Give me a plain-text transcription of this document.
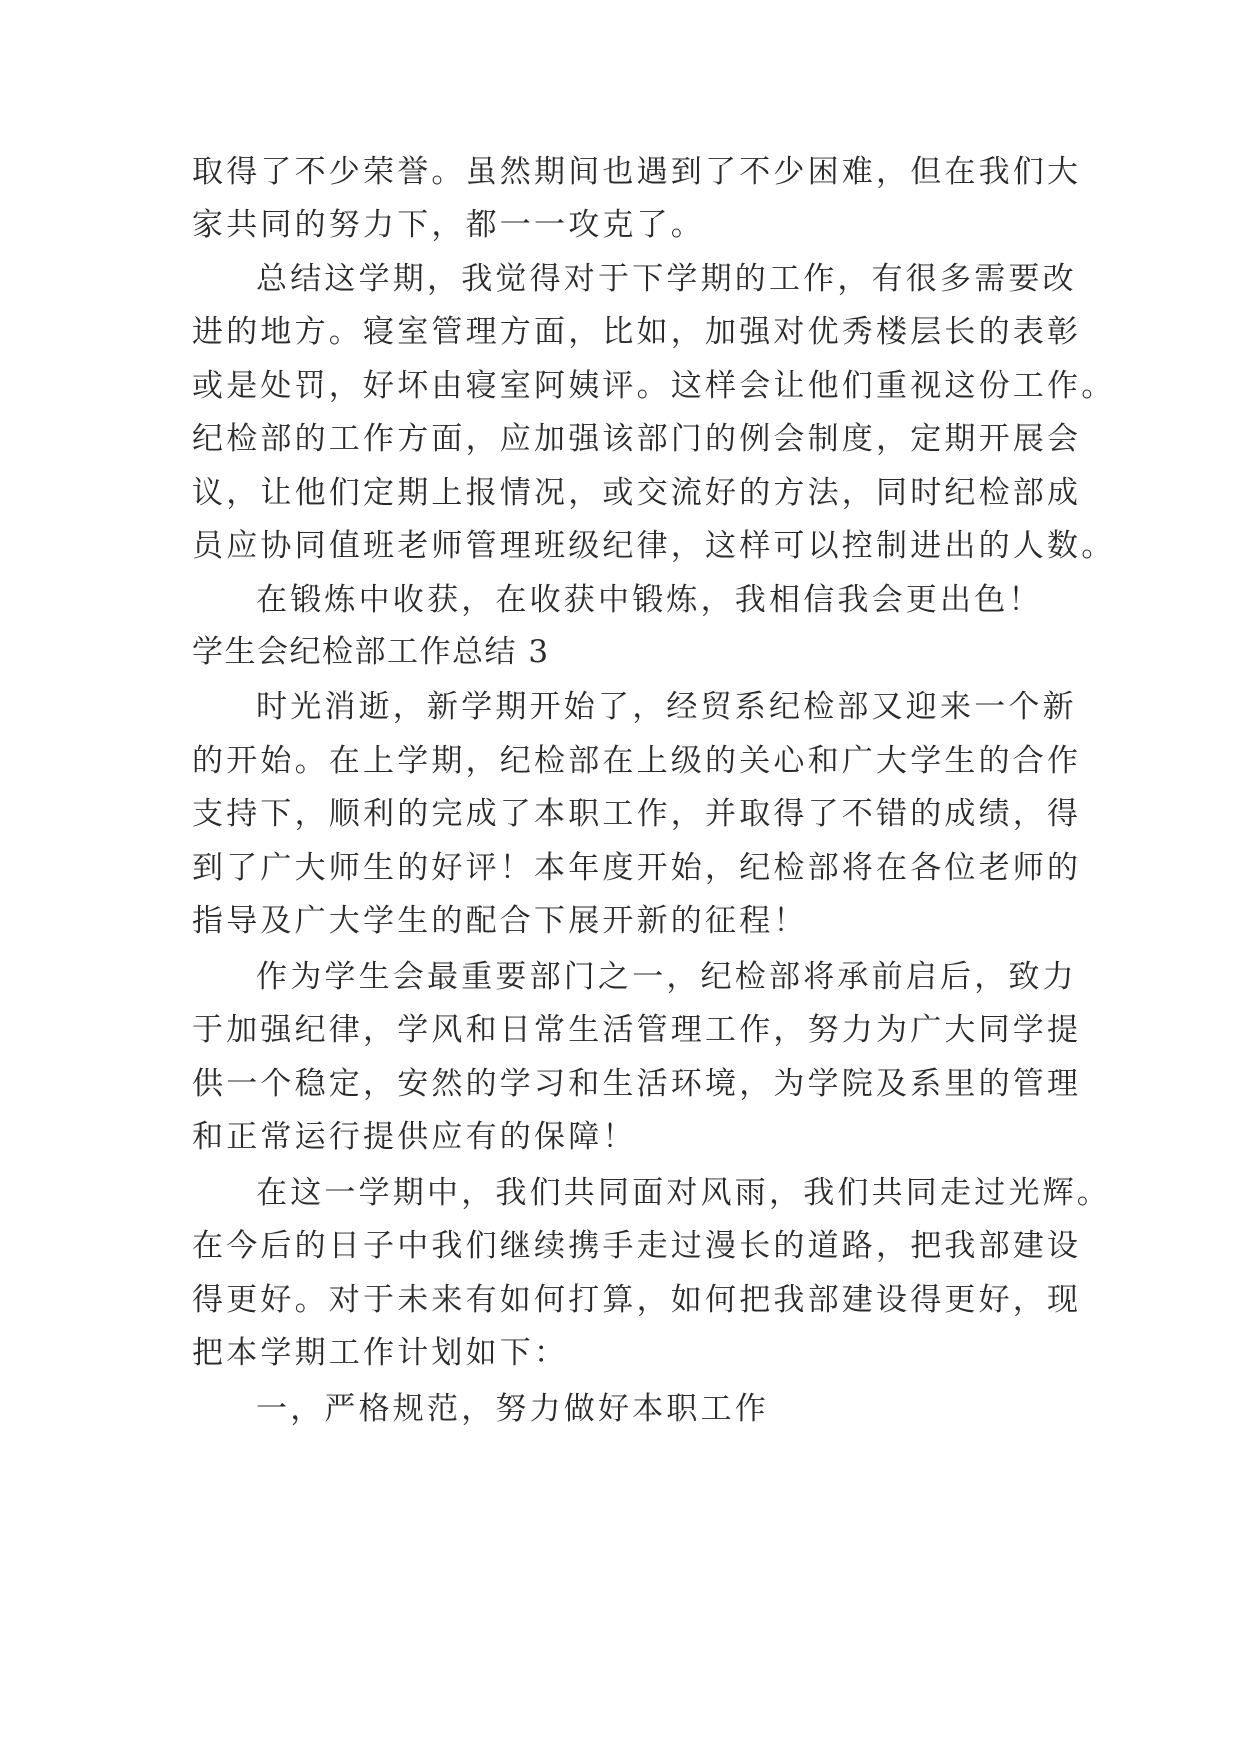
取得了不少荣誉。虽然期间也遇到了不少困难，但在我们大
家共同的努力下，都一一攻克了。
总结这学期，我觉得对于下学期的工作，有很多需要改
进的地方。寝室管理方面，比如，加强对优秀楼层长的表彰
或是处罚，好坏由寝室阿姨评。这样会让他们重视这份工作。
纪检部的工作方面，应加强该部门的例会制度，定期开展会
议，让他们定期上报情况，或交流好的方法，同时纪检部成
员应协同值班老师管理班级纪律，这样可以控制进出的人数。
在锻炼中收获，在收获中锻炼，我相信我会更出色！
学生会纪检部工作总结 3
时光消逝，新学期开始了，经贸系纪检部又迎来一个新
的开始。在上学期，纪检部在上级的关心和广大学生的合作
支持下，顺利的完成了本职工作，并取得了不错的成绩，得
到了广大师生的好评！本年度开始，纪检部将在各位老师的
指导及广大学生的配合下展开新的征程！
作为学生会最重要部门之一，纪检部将承前启后，致力
于加强纪律，学风和日常生活管理工作，努力为广大同学提
供一个稳定，安然的学习和生活环境，为学院及系里的管理
和正常运行提供应有的保障！
在这一学期中，我们共同面对风雨，我们共同走过光辉。
在今后的日子中我们继续携手走过漫长的道路，把我部建设
得更好。对于未来有如何打算，如何把我部建设得更好，现
把本学期工作计划如下：
一，严格规范，努力做好本职工作
